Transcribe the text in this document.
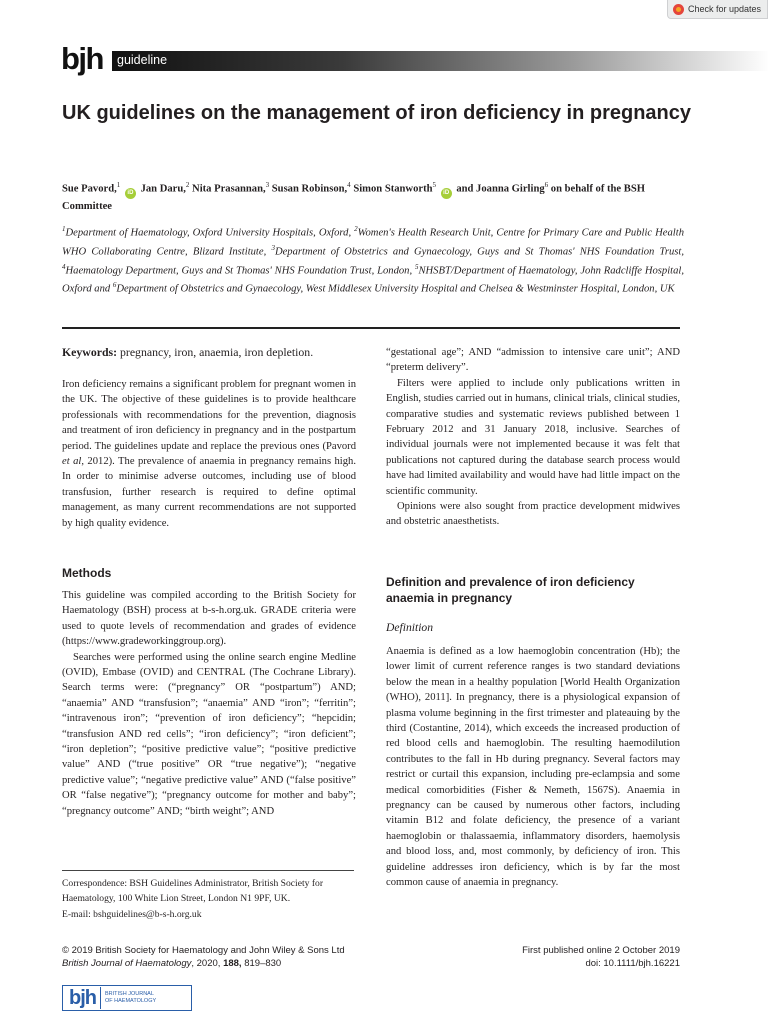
Check for updates
bjh guideline
UK guidelines on the management of iron deficiency in pregnancy
Sue Pavord,$^1$ iD Jan Daru,$^2$ Nita Prasannan,$^3$ Susan Robinson,$^4$ Simon Stanworth$^5$ iD and Joanna Girling$^6$ on behalf of the BSH Committee
$^1$Department of Haematology, Oxford University Hospitals, Oxford, $^2$Women's Health Research Unit, Centre for Primary Care and Public Health WHO Collaborating Centre, Blizard Institute, $^3$Department of Obstetrics and Gynaecology, Guys and St Thomas' NHS Foundation Trust, $^4$Haematology Department, Guys and St Thomas' NHS Foundation Trust, London, $^5$NHSBT/Department of Haematology, John Radcliffe Hospital, Oxford and $^6$Department of Obstetrics and Gynaecology, West Middlesex University Hospital and Chelsea & Westminster Hospital, London, UK
Keywords: pregnancy, iron, anaemia, iron depletion.

Iron deficiency remains a significant problem for pregnant women in the UK. The objective of these guidelines is to provide healthcare professionals with recommendations for the prevention, diagnosis and treatment of iron deficiency in pregnancy and in the postpartum period. The guidelines update and replace the previous ones (Pavord et al, 2012). The prevalence of anaemia in pregnancy remains high. In order to minimise adverse outcomes, including use of blood transfusion, further research is required to define optimal management, as many current recommendations are not supported by high quality evidence.

Methods

This guideline was compiled according to the British Society for Haematology (BSH) process at b-s-h.org.uk. GRADE criteria were used to quote levels of recommendation and grades of evidence (https://www.gradeworkinggroup.org).

Searches were performed using the online search engine Medline (OVID), Embase (OVID) and CENTRAL (The Cochrane Library). Search terms were: (“pregnancy” OR “postpartum”) AND; “anaemia” AND “transfusion”; “anaemia” AND “iron”; “ferritin”; “intravenous iron”; “prevention of iron deficiency”; “hepcidin; “transfusion AND red cells”; “iron deficiency”; “iron deficient”; “iron depletion”; “positive predictive value”; “positive predictive value” AND (“true positive” OR “true negative”); “negative predictive value”; “negative predictive value” AND (“false positive” OR “false negative”); “pregnancy outcome for mother and baby”; “pregnancy outcome” AND; “birth weight”; AND

Correspondence: BSH Guidelines Administrator, British Society for Haematology, 100 White Lion Street, London N1 9PF, UK.
E-mail: bshguidelines@b-s-h.org.uk

“gestational age”; AND “admission to intensive care unit”; AND “preterm delivery”.

Filters were applied to include only publications written in English, studies carried out in humans, clinical trials, clinical studies, comparative studies and systematic reviews published between 1 February 2012 and 31 January 2018, inclusive. Searches of individual journals were not implemented because it was felt that publications not captured during the database search process would have had limited availability and would have had little impact on the scientific community.

Opinions were also sought from practice development midwives and obstetric anaesthetists.

Definition and prevalence of iron deficiency anaemia in pregnancy
Definition

Anaemia is defined as a low haemoglobin concentration (Hb); the lower limit of current reference ranges is two standard deviations below the mean in a healthy population [World Health Organization (WHO), 2011]. In pregnancy, there is a physiological expansion of plasma volume beginning in the first trimester and plateauing by the third (Costantine, 2014), which exceeds the increased production of red blood cells and haemoglobin. The resulting haemodilution contributes to the fall in Hb during pregnancy. Several factors may restrict or curtail this expansion, including pre-eclampsia and some medical comorbidities (Fisher & Nemeth, 1567S). Anaemia in pregnancy can be caused by numerous other factors, including vitamin B12 and folate deficiency, the presence of a variant haemoglobin or thalassaemia, inflammatory disorders, haemolysis and blood loss, and, most commonly, by deficiency of iron. This guideline addresses iron deficiency, which is by far the most common cause of anaemia in pregnancy.

© 2019 British Society for Haematology and John Wiley & Sons Ltd
British Journal of Haematology, 2020, 188, 819–830
First published online 2 October 2019
doi: 10.1111/bjh.16221
bjh	BRITISH JOURNAL
OF HAEMATOLOGY
